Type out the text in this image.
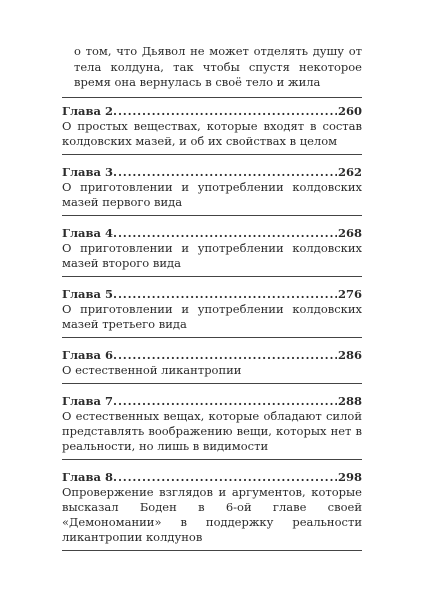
о том, что Дьявол не может отделять душу от тела колдуна, так чтобы спустя некоторое время она вернулась в своё тело и жила

Глава 2. . . .	260

О простых веществах, которые входят в состав колдовских мазей, и об их свойствах в целом

Глава 3. . . .	262

О приготовлении и употреблении колдовских мазей первого вида

Глава 4. . . .	268

О приготовлении и употреблении колдовских мазей второго вида

Глава 5. . . .	276

О приготовлении и употреблении колдовских мазей третьего вида

Глава 6. . . .	286

О естественной ликантропии

Глава 7. . . .	288

О естественных вещах, которые обладают силой представлять воображению вещи, которых нет в реальности, но лишь в видимости

Глава 8. . . .	298

Опровержение взглядов и аргументов, которые высказал Боден в 6-ой главе своей «Демономании» в поддержку реальности ликантропии колдунов
